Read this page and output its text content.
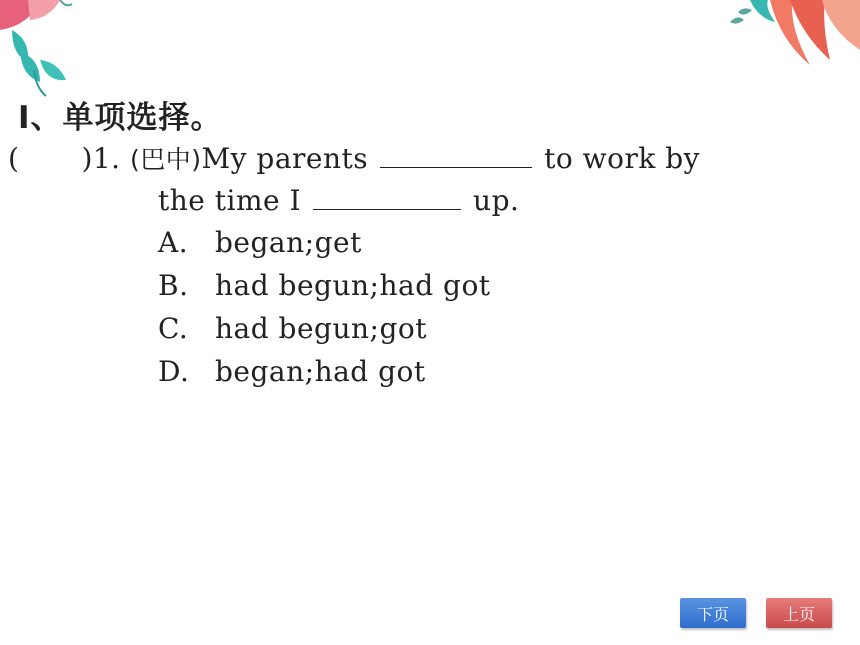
Ⅰ、单项选择。
( )1. (巴中)My parents	to work by
the time I	up.
A. began;get
B. had begun;had got
C. had begun;got
D. began;had got
下页	上页
